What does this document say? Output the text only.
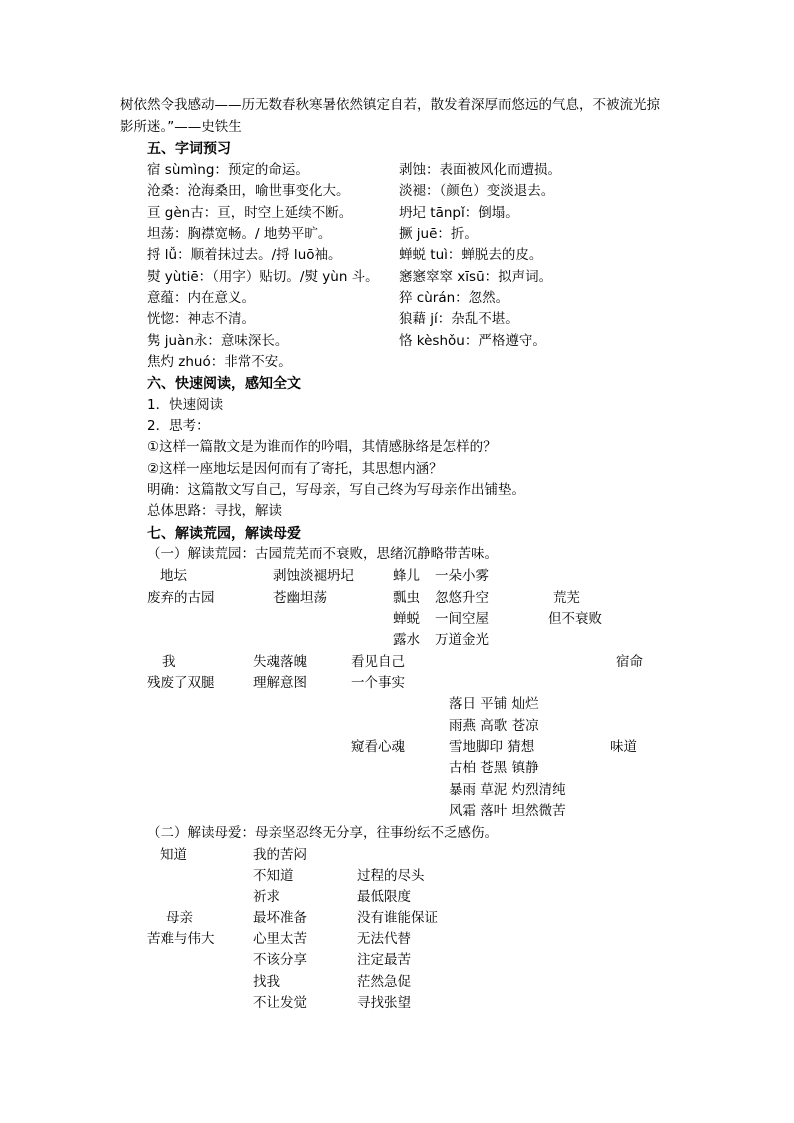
树依然令我感动——历无数春秋寒暑依然镇定自若，散发着深厚而悠远的气息，不被流光掠
影所迷。”——史铁生
五、字词预习
宿 sùmìng：预定的命运。
沧桑：沧海桑田，喻世事变化大。
亘 gèn古：亘，时空上延续不断。
坦荡：胸襟宽畅。/ 地势平旷。
捋 lǚ：顺着抹过去。/捋 luō袖。
熨 yùtiē：（用字）贴切。/熨 yùn 斗。
意蕴：内在意义。
恍惚：神志不清。
隽 juàn永：意味深长。
焦灼 zhuó：非常不安。
剥蚀：表面被风化而遭损。
淡褪：（颜色）变淡退去。
坍圮 tānpǐ：倒塌。
撅 juē：折。
蝉蜕 tuì：蝉脱去的皮。
窸窸窣窣 xīsū：拟声词。
猝 cùrán：忽然。
狼藉 jí：杂乱不堪。
恪 kèshǒu：严格遵守。
六、快速阅读，感知全文
1．快速阅读
2．思考：
①这样一篇散文是为谁而作的吟唱，其情感脉络是怎样的？
②这样一座地坛是因何而有了寄托，其思想内涵？
明确：这篇散文写自己，写母亲，写自己终为写母亲作出铺垫。
总体思路：寻找，解读
七、解读荒园，解读母爱
（一）解读荒园：古园荒芜而不衰败，思绪沉静略带苦味。
地坛
废弃的古园
剥蚀淡褪坍圮
苍幽坦荡
蜂儿
瓢虫
蝉蜕
露水
一朵小雾
忽悠升空
一间空屋
万道金光
荒芜
但不衰败
我
残废了双腿
失魂落魄
理解意图
看见自己
一个事实
宿命
窥看心魂	味道
落日 平铺 灿烂
雨燕 高歌 苍凉
雪地脚印 猜想
古柏 苍黑 镇静
暴雨 草泥 灼烈清纯
风霜 落叶 坦然微苦
（二）解读母爱：母亲坚忍终无分享，往事纷纭不乏感伤。
知道
母亲
苦难与伟大
我的苦闷
不知道
祈求
最坏准备
心里太苦
不该分享
找我
不让发觉
过程的尽头
最低限度
没有谁能保证
无法代替
注定最苦
茫然急促
寻找张望
